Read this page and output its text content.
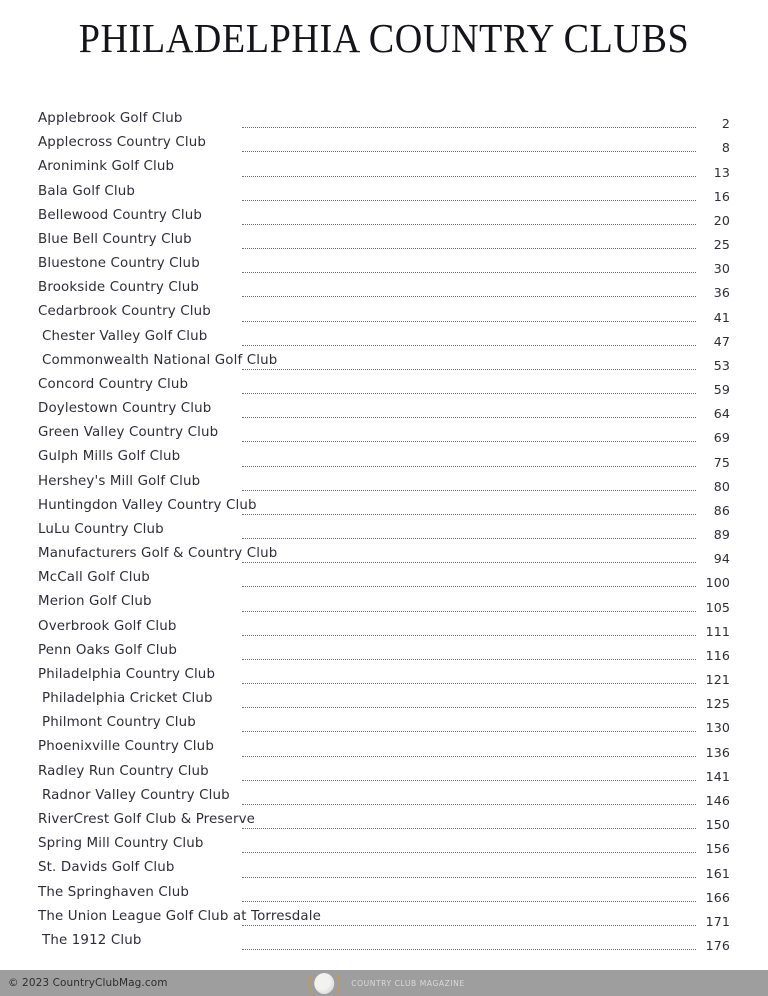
PHILADELPHIA COUNTRY CLUBS
Applebrook Golf Club	2
Applecross Country Club	8
Aronimink Golf Club	13
Bala Golf Club	16
Bellewood Country Club	20
Blue Bell Country Club	25
Bluestone Country Club	30
Brookside Country Club	36
Cedarbrook Country Club	41
Chester Valley Golf Club	47
Commonwealth National Golf Club	53
Concord Country Club	59
Doylestown Country Club	64
Green Valley Country Club	69
Gulph Mills Golf Club	75
Hershey's Mill Golf Club	80
Huntingdon Valley Country Club	86
LuLu Country Club	89
Manufacturers Golf & Country Club	94
McCall Golf Club	100
Merion Golf Club	105
Overbrook Golf Club	111
Penn Oaks Golf Club	116
Philadelphia Country Club	121
Philadelphia Cricket Club	125
Philmont Country Club	130
Phoenixville Country Club	136
Radley Run Country Club	141
Radnor Valley Country Club	146
RiverCrest Golf Club & Preserve	150
Spring Mill Country Club	156
St. Davids Golf Club	161
The Springhaven Club	166
The Union League Golf Club at Torresdale	171
The 1912 Club	176
© 2023 CountryClubMag.com	COUNTRY CLUB MAGAZINE
